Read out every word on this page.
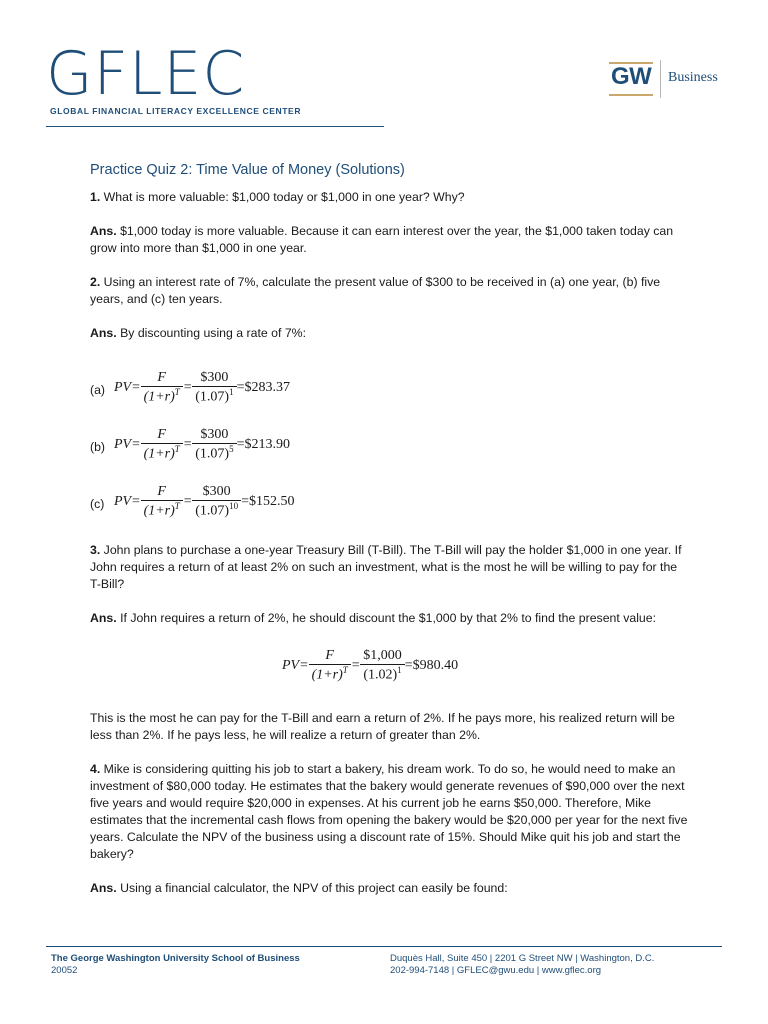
GFLEC
GLOBAL FINANCIAL LITERACY EXCELLENCE CENTER
GW Business
Practice Quiz 2: Time Value of Money (Solutions)

1. What is more valuable: $1,000 today or $1,000 in one year? Why?

Ans. $1,000 today is more valuable. Because it can earn interest over the year, the $1,000 taken today can grow into more than $1,000 in one year.

2. Using an interest rate of 7%, calculate the present value of $300 to be received in (a) one year, (b) five years, and (c) ten years.

Ans. By discounting using a rate of 7%:

(a) $PV= \frac{F}{(1+r)^T} = \frac{\$300}{(1.07)^1}$ =$283.37
(b) $PV= \frac{F}{(1+r)^T} = \frac{\$300}{(1.07)^5}$ =$213.90
(c) $PV= \frac{F}{(1+r)^T} = \frac{\$300}{(1.07)^{10}}$ =$152.50

3. John plans to purchase a one-year Treasury Bill (T-Bill). The T-Bill will pay the holder $1,000 in one year. If John requires a return of at least 2% on such an investment, what is the most he will be willing to pay for the T-Bill?

Ans. If John requires a return of 2%, he should discount the $1,000 by that 2% to find the present value:

$PV= \frac{F}{(1+r)^T} = \frac{\$1,000}{(1.02)^1}$ =$980.40

This is the most he can pay for the T-Bill and earn a return of 2%. If he pays more, his realized return will be less than 2%. If he pays less, he will realize a return of greater than 2%.

4. Mike is considering quitting his job to start a bakery, his dream work. To do so, he would need to make an investment of $80,000 today. He estimates that the bakery would generate revenues of $90,000 over the next five years and would require $20,000 in expenses. At his current job he earns $50,000. Therefore, Mike estimates that the incremental cash flows from opening the bakery would be $20,000 per year for the next five years. Calculate the NPV of the business using a discount rate of 15%. Should Mike quit his job and start the bakery?

Ans. Using a financial calculator, the NPV of this project can easily be found:

The George Washington University School of Business
20052
Duquès Hall, Suite 450 | 2201 G Street NW | Washington, D.C.
202-994-7148 | GFLEC@gwu.edu | www.gflec.org
